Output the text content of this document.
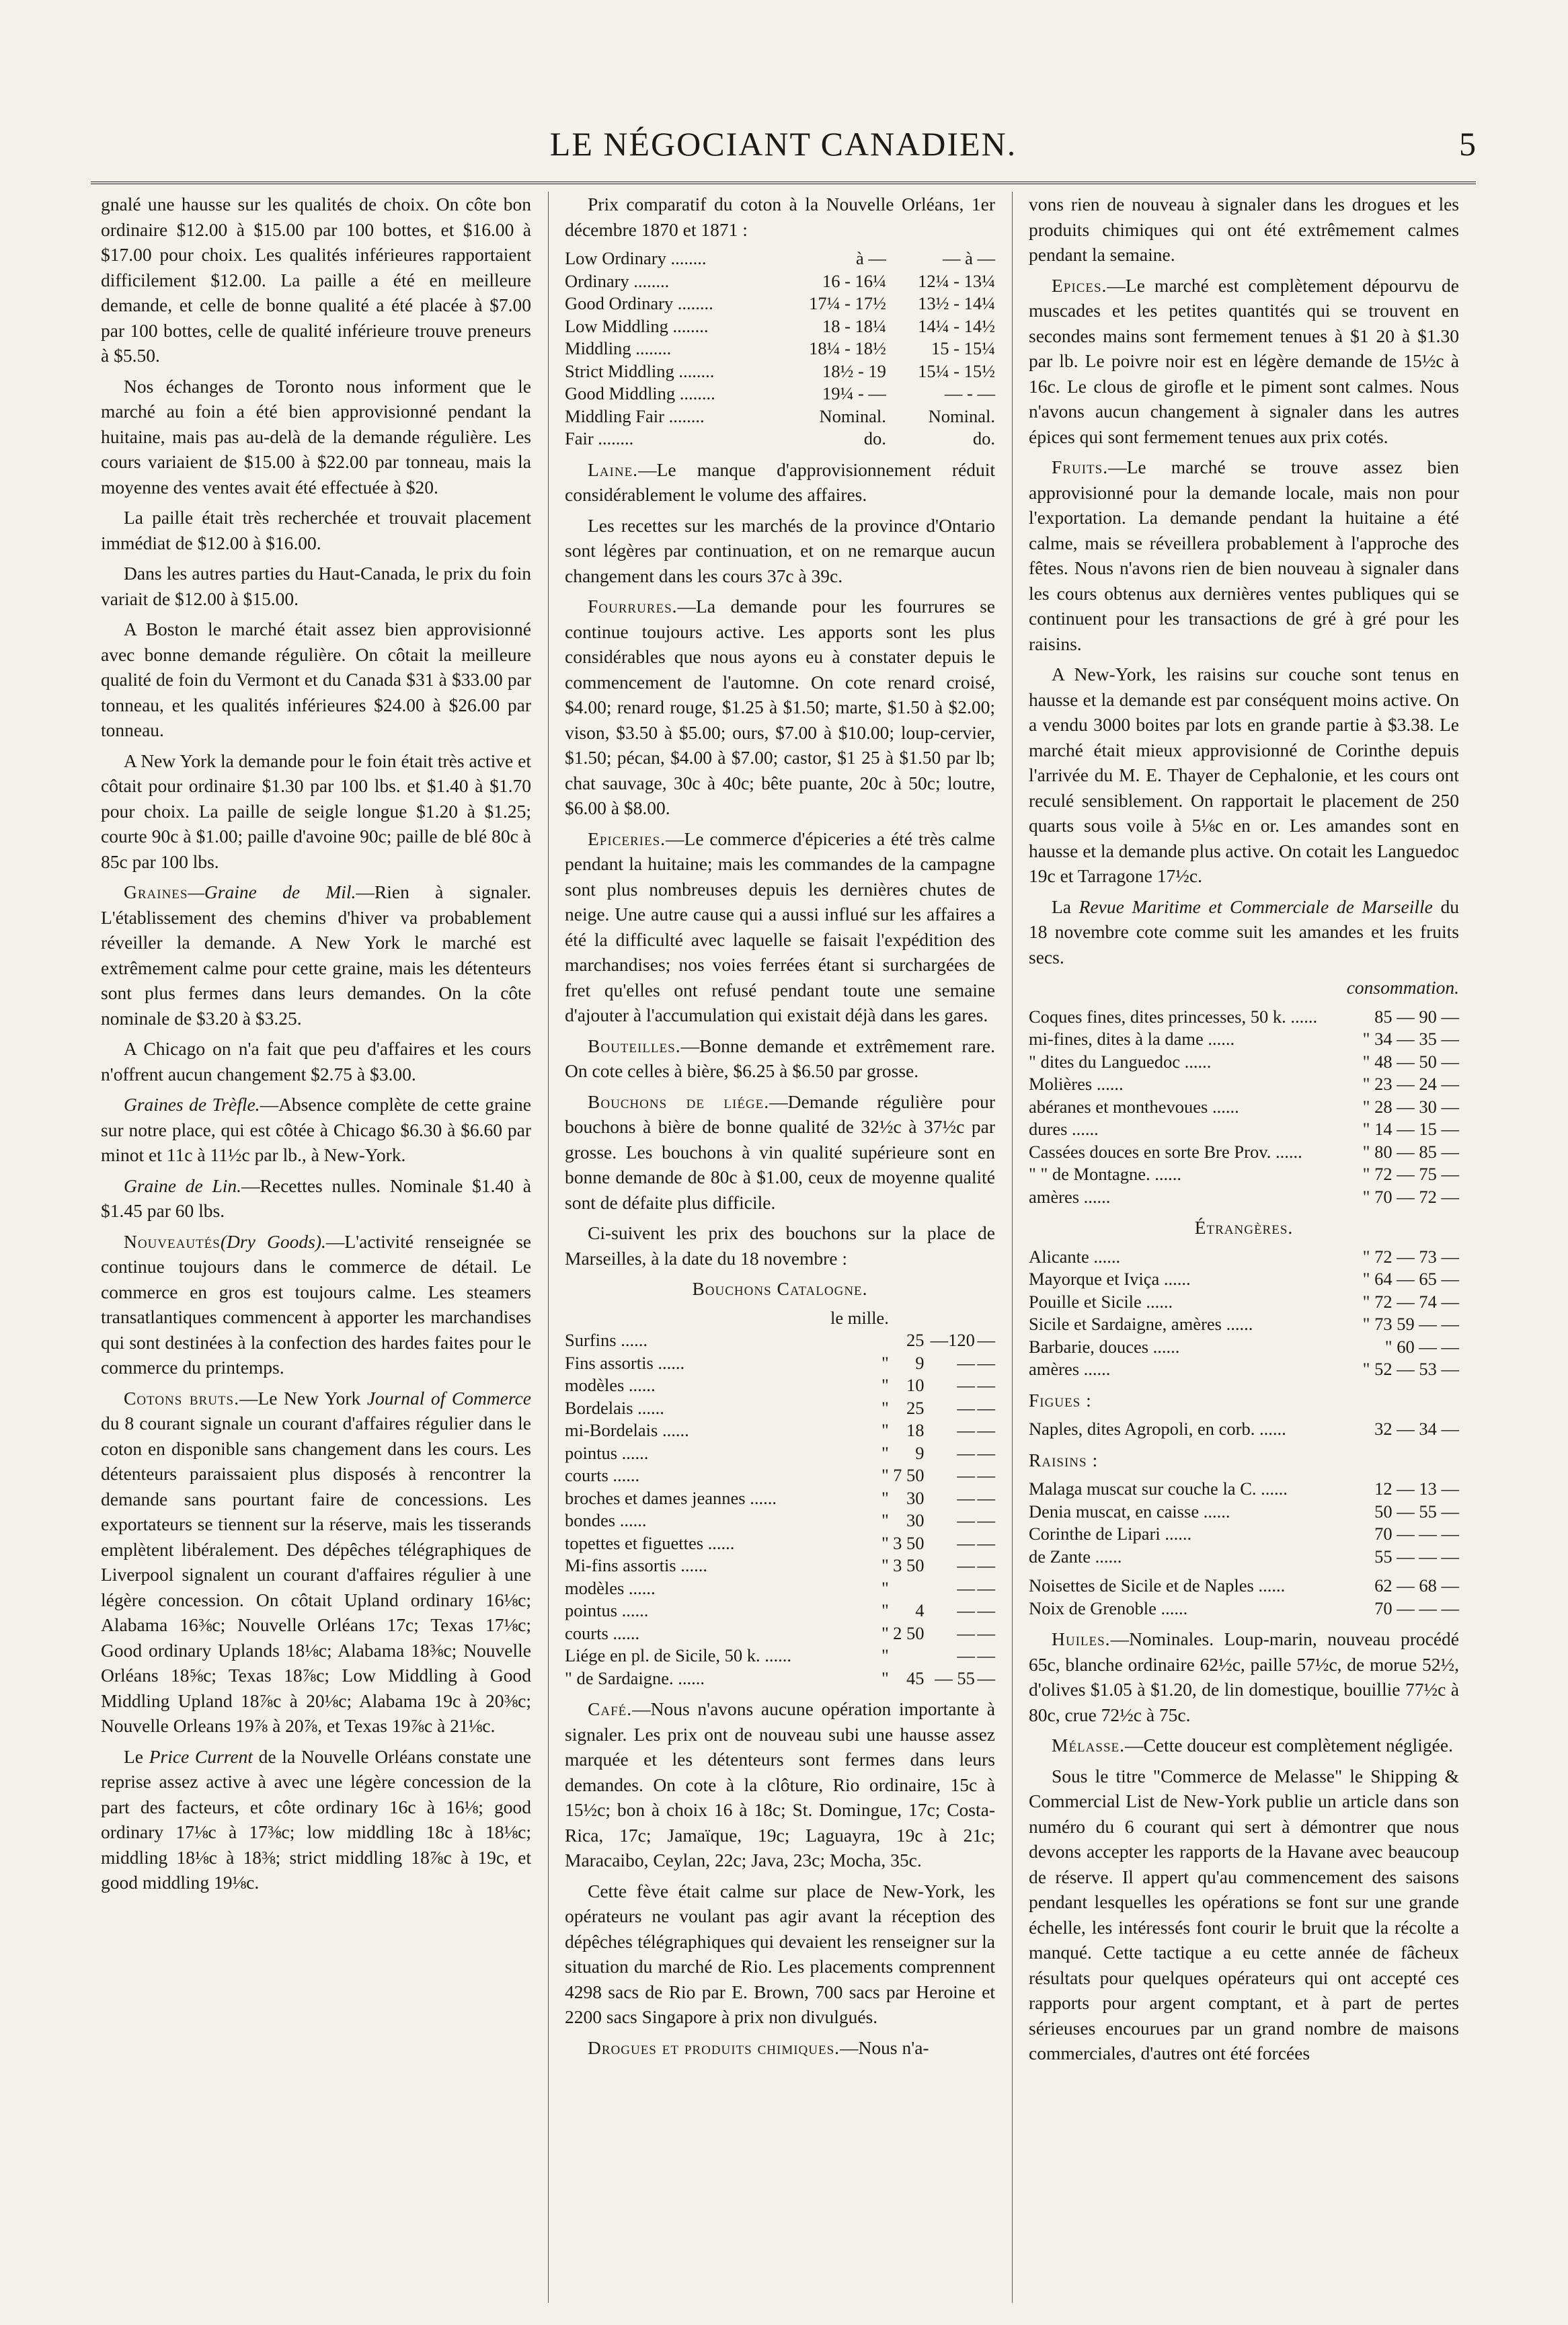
LE NÉGOCIANT CANADIEN.	5

gnalé une hausse sur les qualités de choix. On côte bon ordinaire $12.00 à $15.00 par 100 bottes, et $16.00 à $17.00 pour choix. Les qualités inférieures rapportaient difficilement $12.00. La paille a été en meilleure demande, et celle de bonne qualité a été placée à $7.00 par 100 bottes, celle de qualité inférieure trouve preneurs à $5.50.

Nos échanges de Toronto nous informent que le marché au foin a été bien approvisionné pendant la huitaine, mais pas au-delà de la demande régulière. Les cours variaient de $15.00 à $22.00 par tonneau, mais la moyenne des ventes avait été effectuée à $20.

La paille était très recherchée et trouvait placement immédiat de $12.00 à $16.00.

Dans les autres parties du Haut-Canada, le prix du foin variait de $12.00 à $15.00.

A Boston le marché était assez bien approvisionné avec bonne demande régulière. On côtait la meilleure qualité de foin du Vermont et du Canada $31 à $33.00 par tonneau, et les qualités inférieures $24.00 à $26.00 par tonneau.

A New York la demande pour le foin était très active et côtait pour ordinaire $1.30 par 100 lbs. et $1.40 à $1.70 pour choix. La paille de seigle longue $1.20 à $1.25; courte 90c à $1.00; paille d'avoine 90c; paille de blé 80c à 85c par 100 lbs.

Graines—Graine de Mil.—Rien à signaler. L'établissement des chemins d'hiver va probablement réveiller la demande. A New York le marché est extrêmement calme pour cette graine, mais les détenteurs sont plus fermes dans leurs demandes. On la côte nominale de $3.20 à $3.25.

A Chicago on n'a fait que peu d'affaires et les cours n'offrent aucun changement $2.75 à $3.00.

Graines de Trèfle.—Absence complète de cette graine sur notre place, qui est côtée à Chicago $6.30 à $6.60 par minot et 11c à 11½c par lb., à New-York.

Graine de Lin.—Recettes nulles. Nominale $1.40 à $1.45 par 60 lbs.

Nouveautés(Dry Goods).—L'activité renseignée se continue toujours dans le commerce de détail. Le commerce en gros est toujours calme. Les steamers transatlantiques commencent à apporter les marchandises qui sont destinées à la confection des hardes faites pour le commerce du printemps.

Cotons bruts.—Le New York Journal of Commerce du 8 courant signale un courant d'affaires régulier dans le coton en disponible sans changement dans les cours. Les détenteurs paraissaient plus disposés à rencontrer la demande sans pourtant faire de concessions. Les exportateurs se tiennent sur la réserve, mais les tisserands emplètent libéralement. Des dépêches télégraphiques de Liverpool signalent un courant d'affaires régulier à une légère concession. On côtait Upland ordinary 16⅛c; Alabama 16⅜c; Nouvelle Orléans 17c; Texas 17⅛c; Good ordinary Uplands 18⅛c; Alabama 18⅜c; Nouvelle Orléans 18⅝c; Texas 18⅞c; Low Middling à Good Middling Upland 18⅞c à 20⅛c; Alabama 19c à 20⅜c; Nouvelle Orleans 19⅞ à 20⅞, et Texas 19⅞c à 21⅛c.

Le Price Current de la Nouvelle Orléans constate une reprise assez active à avec une légère concession de la part des facteurs, et côte ordinary 16c à 16⅛; good ordinary 17⅛c à 17⅜c; low middling 18c à 18⅛c; middling 18⅛c à 18⅜; strict middling 18⅞c à 19c, et good middling 19⅛c.

Prix comparatif du coton à la Nouvelle Orléans, 1er décembre 1870 et 1871 :

Low Ordinary ........	à —	— à —
Ordinary ........	16 - 16¼	12¼ - 13¼
Good Ordinary ........	17¼ - 17½	13½ - 14¼
Low Middling ........	18 - 18¼	14¼ - 14½
Middling ........	18¼ - 18½	15 - 15¼
Strict Middling ........	18½ - 19	15¼ - 15½
Good Middling ........	19¼ - —	— - —
Middling Fair ........	Nominal.	Nominal.
Fair ........	do.	do.

Laine.—Le manque d'approvisionnement réduit considérablement le volume des affaires.

Les recettes sur les marchés de la province d'Ontario sont légères par continuation, et on ne remarque aucun changement dans les cours 37c à 39c.

Fourrures.—La demande pour les fourrures se continue toujours active. Les apports sont les plus considérables que nous ayons eu à constater depuis le commencement de l'automne. On cote renard croisé, $4.00; renard rouge, $1.25 à $1.50; marte, $1.50 à $2.00; vison, $3.50 à $5.00; ours, $7.00 à $10.00; loup-cervier, $1.50; pécan, $4.00 à $7.00; castor, $1 25 à $1.50 par lb; chat sauvage, 30c à 40c; bête puante, 20c à 50c; loutre, $6.00 à $8.00.

Epiceries.—Le commerce d'épiceries a été très calme pendant la huitaine; mais les commandes de la campagne sont plus nombreuses depuis les dernières chutes de neige. Une autre cause qui a aussi influé sur les affaires a été la difficulté avec laquelle se faisait l'expédition des marchandises; nos voies ferrées étant si surchargées de fret qu'elles ont refusé pendant toute une semaine d'ajouter à l'accumulation qui existait déjà dans les gares.

Bouteilles.—Bonne demande et extrêmement rare. On cote celles à bière, $6.25 à $6.50 par grosse.

Bouchons de liége.—Demande régulière pour bouchons à bière de bonne qualité de 32½c à 37½c par grosse. Les bouchons à vin qualité supérieure sont en bonne demande de 80c à $1.00, ceux de moyenne qualité sont de défaite plus difficile.

Ci-suivent les prix des bouchons sur la place de Marseilles, à la date du 18 novembre :

Bouchons Catalogne.

	le mille.			
Surfins ......		25	—120	—
Fins assortis ......	"	9	—	—
modèles ......	"	10	—	—
Bordelais ......	"	25	—	—
mi-Bordelais ......	"	18	—	—
pointus ......	"	9	—	—
courts ......	"	7 50	—	—
broches et dames jeannes ......	"	30	—	—
bondes ......	"	30	—	—
topettes et figuettes ......	"	3 50	—	—
Mi-fins assortis ......	"	3 50	—	—
modèles ......	"		—	—
pointus ......	"	4	—	—
courts ......	"	2 50	—	—
Liége en pl. de Sicile, 50 k. ......	"		—	—
" de Sardaigne. ......	"	45	— 55	—

Café.—Nous n'avons aucune opération importante à signaler. Les prix ont de nouveau subi une hausse assez marquée et les détenteurs sont fermes dans leurs demandes. On cote à la clôture, Rio ordinaire, 15c à 15½c; bon à choix 16 à 18c; St. Domingue, 17c; Costa-Rica, 17c; Jamaïque, 19c; Laguayra, 19c à 21c; Maracaibo, Ceylan, 22c; Java, 23c; Mocha, 35c.

Cette fève était calme sur place de New-York, les opérateurs ne voulant pas agir avant la réception des dépêches télégraphiques qui devaient les renseigner sur la situation du marché de Rio. Les placements comprennent 4298 sacs de Rio par E. Brown, 700 sacs par Heroine et 2200 sacs Singapore à prix non divulgués.

Drogues et produits chimiques.—Nous n'a-

vons rien de nouveau à signaler dans les drogues et les produits chimiques qui ont été extrêmement calmes pendant la semaine.

Epices.—Le marché est complètement dépourvu de muscades et les petites quantités qui se trouvent en secondes mains sont fermement tenues à $1 20 à $1.30 par lb. Le poivre noir est en légère demande de 15½c à 16c. Le clous de girofle et le piment sont calmes. Nous n'avons aucun changement à signaler dans les autres épices qui sont fermement tenues aux prix cotés.

Fruits.—Le marché se trouve assez bien approvisionné pour la demande locale, mais non pour l'exportation. La demande pendant la huitaine a été calme, mais se réveillera probablement à l'approche des fêtes. Nous n'avons rien de bien nouveau à signaler dans les cours obtenus aux dernières ventes publiques qui se continuent pour les transactions de gré à gré pour les raisins.

A New-York, les raisins sur couche sont tenus en hausse et la demande est par conséquent moins active. On a vendu 3000 boites par lots en grande partie à $3.38. Le marché était mieux approvisionné de Corinthe depuis l'arrivée du M. E. Thayer de Cephalonie, et les cours ont reculé sensiblement. On rapportait le placement de 250 quarts sous voile à 5⅛c en or. Les amandes sont en hausse et la demande plus active. On cotait les Languedoc 19c et Tarragone 17½c.

La Revue Maritime et Commerciale de Marseille du 18 novembre cote comme suit les amandes et les fruits secs.

consommation.

Coques fines, dites princesses, 50 k. ......	85 — 90 —
mi-fines, dites à la dame ......	" 34 — 35 —
" dites du Languedoc ......	" 48 — 50 —
Molières ......	" 23 — 24 —
abéranes et monthevoues ......	" 28 — 30 —
dures ......	" 14 — 15 —
Cassées douces en sorte Bre Prov. ......	" 80 — 85 —
" " de Montagne. ......	" 72 — 75 —
amères ......	" 70 — 72 —

Étrangères.

Alicante ......	" 72 — 73 —
Mayorque et Iviça ......	" 64 — 65 —
Pouille et Sicile ......	" 72 — 74 —
Sicile et Sardaigne, amères ......	" 73 59 — —
Barbarie, douces ......	" 60 — —
amères ......	" 52 — 53 —

Figues :

Naples, dites Agropoli, en corb. ......	32 — 34 —

Raisins :

Malaga muscat sur couche la C. ......	12 — 13 —
Denia muscat, en caisse ......	50 — 55 —
Corinthe de Lipari ......	70 — — —
de Zante ......	55 — — —
Noisettes de Sicile et de Naples ......	62 — 68 —
Noix de Grenoble ......	70 — — —

Huiles.—Nominales. Loup-marin, nouveau procédé 65c, blanche ordinaire 62½c, paille 57½c, de morue 52½, d'olives $1.05 à $1.20, de lin domestique, bouillie 77½c à 80c, crue 72½c à 75c.

Mélasse.—Cette douceur est complètement négligée.

Sous le titre "Commerce de Melasse" le Shipping & Commercial List de New-York publie un article dans son numéro du 6 courant qui sert à démontrer que nous devons accepter les rapports de la Havane avec beaucoup de réserve. Il appert qu'au commencement des saisons pendant lesquelles les opérations se font sur une grande échelle, les intéressés font courir le bruit que la récolte a manqué. Cette tactique a eu cette année de fâcheux résultats pour quelques opérateurs qui ont accepté ces rapports pour argent comptant, et à part de pertes sérieuses encourues par un grand nombre de maisons commerciales, d'autres ont été forcées
